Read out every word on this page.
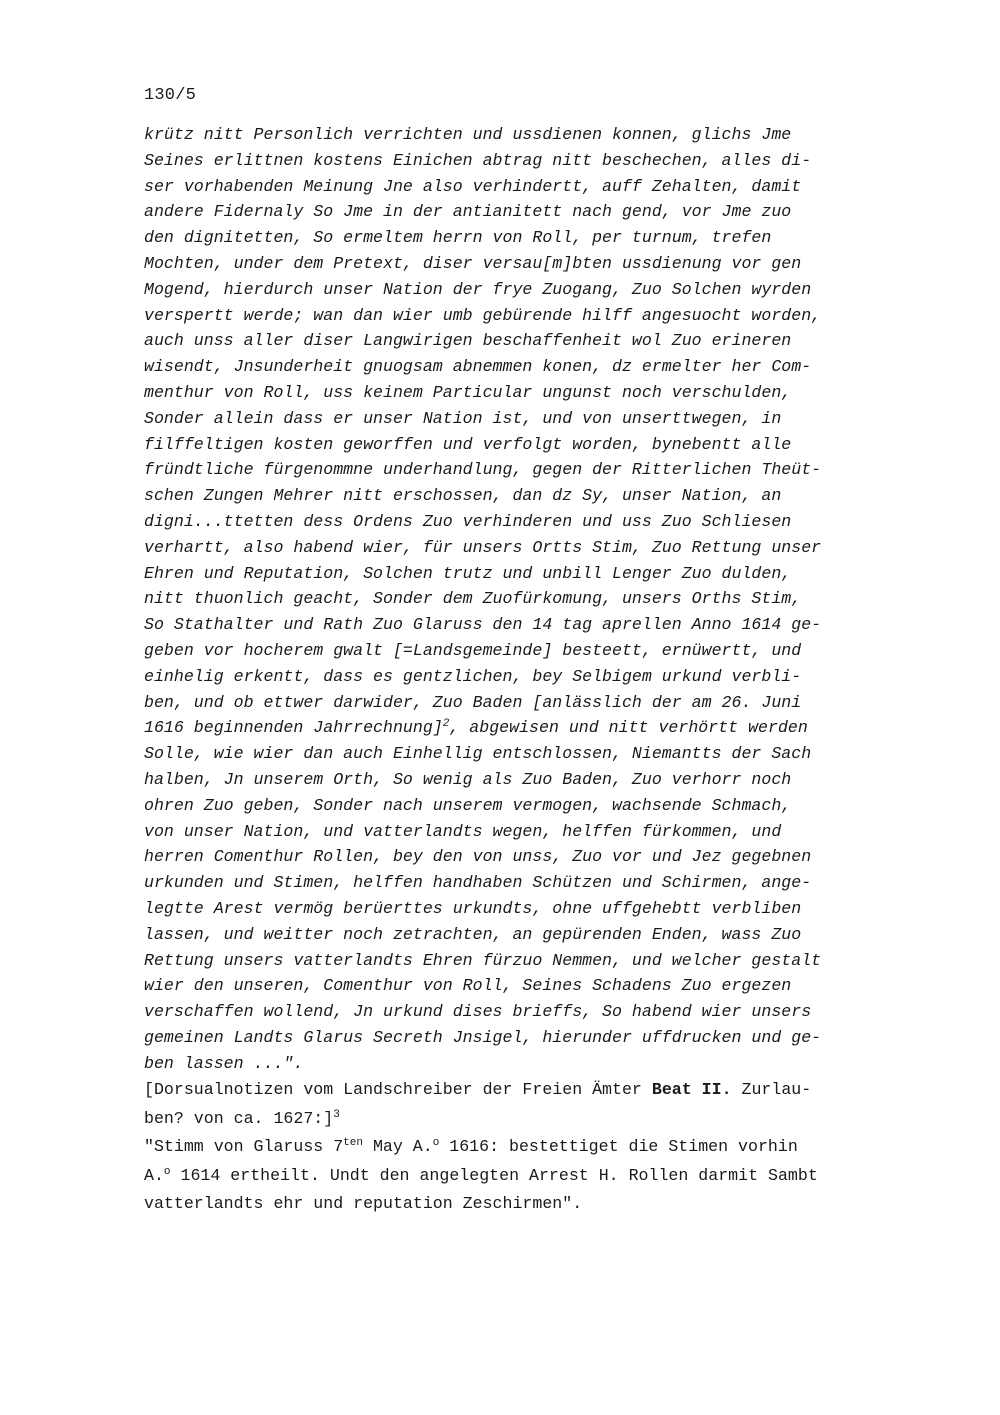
130/5
krütz nitt Personlich verrichten und ussdienen konnen, glichs Jme
Seines erlittnen kostens Einichen abtrag nitt beschechen, alles di-
ser vorhabenden Meinung Jne also verhindertt, auff Zehalten, damit
andere Fidernaly So Jme in der antianitett nach gend, vor Jme zuo
den dignitetten, So ermeltem herrn von Roll, per turnum, trefen
Mochten, under dem Pretext, diser versau[m]bten ussdienung vor gen
Mogend, hierdurch unser Nation der frye Zuogang, Zuo Solchen wyrden
verspertt werde; wan dan wier umb gebürende hilff angesuocht worden,
auch unss aller diser Langwirigen beschaffenheit wol Zuo erineren
wisendt, Jnsunderheit gnuogsam abnemmen konen, dz ermelter her Com-
menthur von Roll, uss keinem Particular ungunst noch verschulden,
Sonder allein dass er unser Nation ist, und von unserttwegen, in
filffeltigen kosten geworffen und verfolgt worden, bynebentt alle
fründtliche fürgenommne underhandlung, gegen der Ritterlichen Theüt-
schen Zungen Mehrer nitt erschossen, dan dz Sy, unser Nation, an
digni...ttetten dess Ordens Zuo verhinderen und uss Zuo Schliesen
verhartt, also habend wier, für unsers Ortts Stim, Zuo Rettung unser
Ehren und Reputation, Solchen trutz und unbill Lenger Zuo dulden,
nitt thuonlich geacht, Sonder dem Zuofürkomung, unsers Orths Stim,
So Stathalter und Rath Zuo Glaruss den 14 tag aprellen Anno 1614 ge-
geben vor hocherem gwalt [=Landsgemeinde] besteett, ernüwertt, und
einhelig erkentt, dass es gentzlichen, bey Selbigem urkund verbli-
ben, und ob ettwer darwider, Zuo Baden [anlässlich der am 26. Juni
1616 beginnenden Jahrrechnung]$^2$, abgewisen und nitt verhörtt werden
Solle, wie wier dan auch Einhellig entschlossen, Niemantts der Sach
halben, Jn unserem Orth, So wenig als Zuo Baden, Zuo verhorr noch
ohren Zuo geben, Sonder nach unserem vermogen, wachsende Schmach,
von unser Nation, und vatterlandts wegen, helffen fürkommen, und
herren Comenthur Rollen, bey den von unss, Zuo vor und Jez gegebnen
urkunden und Stimen, helffen handhaben Schützen und Schirmen, ange-
legtte Arest vermög berüerttes urkundts, ohne uffgehebtt verbliben
lassen, und weitter noch zetrachten, an gepürenden Enden, wass Zuo
Rettung unsers vatterlandts Ehren fürzuo Nemmen, und welcher gestalt
wier den unseren, Comenthur von Roll, Seines Schadens Zuo ergezen
verschaffen wollend, Jn urkund dises brieffs, So habend wier unsers
gemeinen Landts Glarus Secreth Jnsigel, hierunder uffdrucken und ge-
ben lassen ...".
[Dorsualnotizen vom Landschreiber der Freien Ämter Beat II. Zurlau-
ben? von ca. 1627:]$^3$
"Stimm von Glaruss $7^{ten}$ May A.$^o$ 1616: bestettiget die Stimen vorhin
A.$^o$ 1614 ertheilt. Undt den angelegten Arrest H. Rollen darmit Sambt
vatterlandts ehr und reputation Zeschirmen".
